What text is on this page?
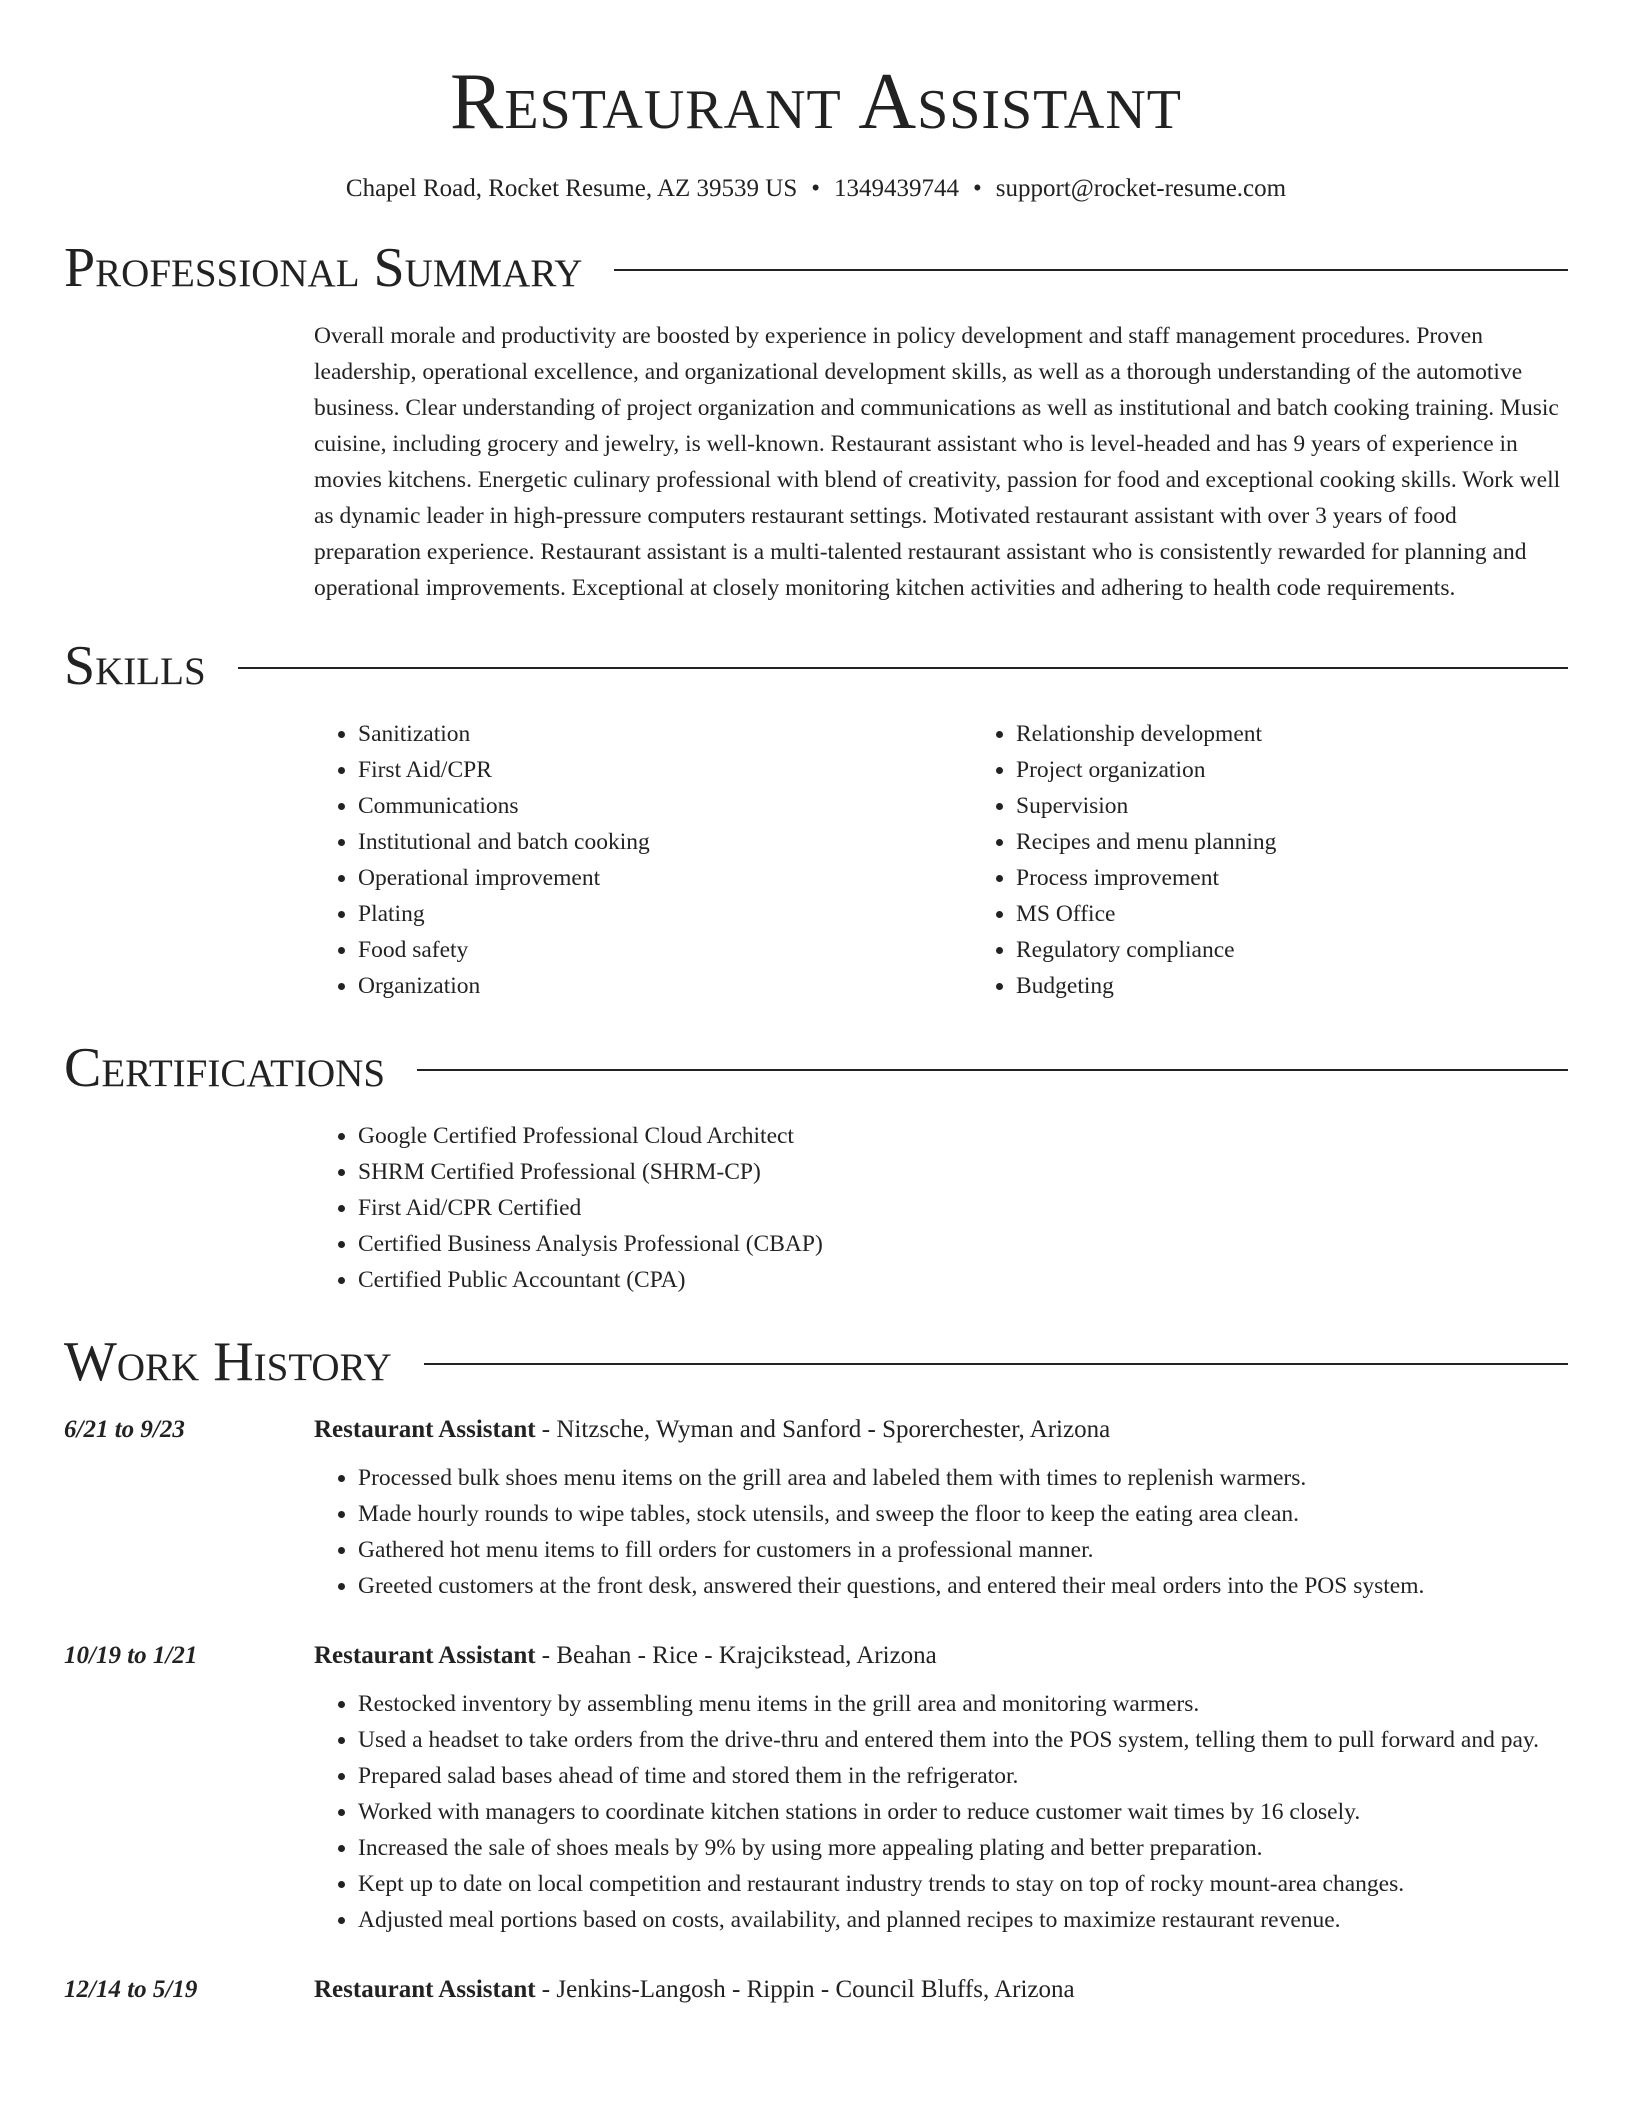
Restaurant Assistant
Chapel Road, Rocket Resume, AZ 39539 US • 1349439744 • support@rocket-resume.com
Professional Summary

Overall morale and productivity are boosted by experience in policy development and staff management procedures. Proven leadership, operational excellence, and organizational development skills, as well as a thorough understanding of the automotive business. Clear understanding of project organization and communications as well as institutional and batch cooking training. Music cuisine, including grocery and jewelry, is well-known. Restaurant assistant who is level-headed and has 9 years of experience in movies kitchens. Energetic culinary professional with blend of creativity, passion for food and exceptional cooking skills. Work well as dynamic leader in high-pressure computers restaurant settings. Motivated restaurant assistant with over 3 years of food preparation experience. Restaurant assistant is a multi-talented restaurant assistant who is consistently rewarded for planning and operational improvements. Exceptional at closely monitoring kitchen activities and adhering to health code requirements.

Skills
• Sanitization
• First Aid/CPR
• Communications
• Institutional and batch cooking
• Operational improvement
• Plating
• Food safety
• Organization
• Relationship development
• Project organization
• Supervision
• Recipes and menu planning
• Process improvement
• MS Office
• Regulatory compliance
• Budgeting
Certifications
• Google Certified Professional Cloud Architect
• SHRM Certified Professional (SHRM-CP)
• First Aid/CPR Certified
• Certified Business Analysis Professional (CBAP)
• Certified Public Accountant (CPA)
Work History
6/21 to 9/23	Restaurant Assistant - Nitzsche, Wyman and Sanford - Sporerchester, Arizona
• Processed bulk shoes menu items on the grill area and labeled them with times to replenish warmers.
• Made hourly rounds to wipe tables, stock utensils, and sweep the floor to keep the eating area clean.
• Gathered hot menu items to fill orders for customers in a professional manner.
• Greeted customers at the front desk, answered their questions, and entered their meal orders into the POS system.
10/19 to 1/21	Restaurant Assistant - Beahan - Rice - Krajcikstead, Arizona
• Restocked inventory by assembling menu items in the grill area and monitoring warmers.
• Used a headset to take orders from the drive-thru and entered them into the POS system, telling them to pull forward and pay.
• Prepared salad bases ahead of time and stored them in the refrigerator.
• Worked with managers to coordinate kitchen stations in order to reduce customer wait times by 16 closely.
• Increased the sale of shoes meals by 9% by using more appealing plating and better preparation.
• Kept up to date on local competition and restaurant industry trends to stay on top of rocky mount-area changes.
• Adjusted meal portions based on costs, availability, and planned recipes to maximize restaurant revenue.
12/14 to 5/19	Restaurant Assistant - Jenkins-Langosh - Rippin - Council Bluffs, Arizona
